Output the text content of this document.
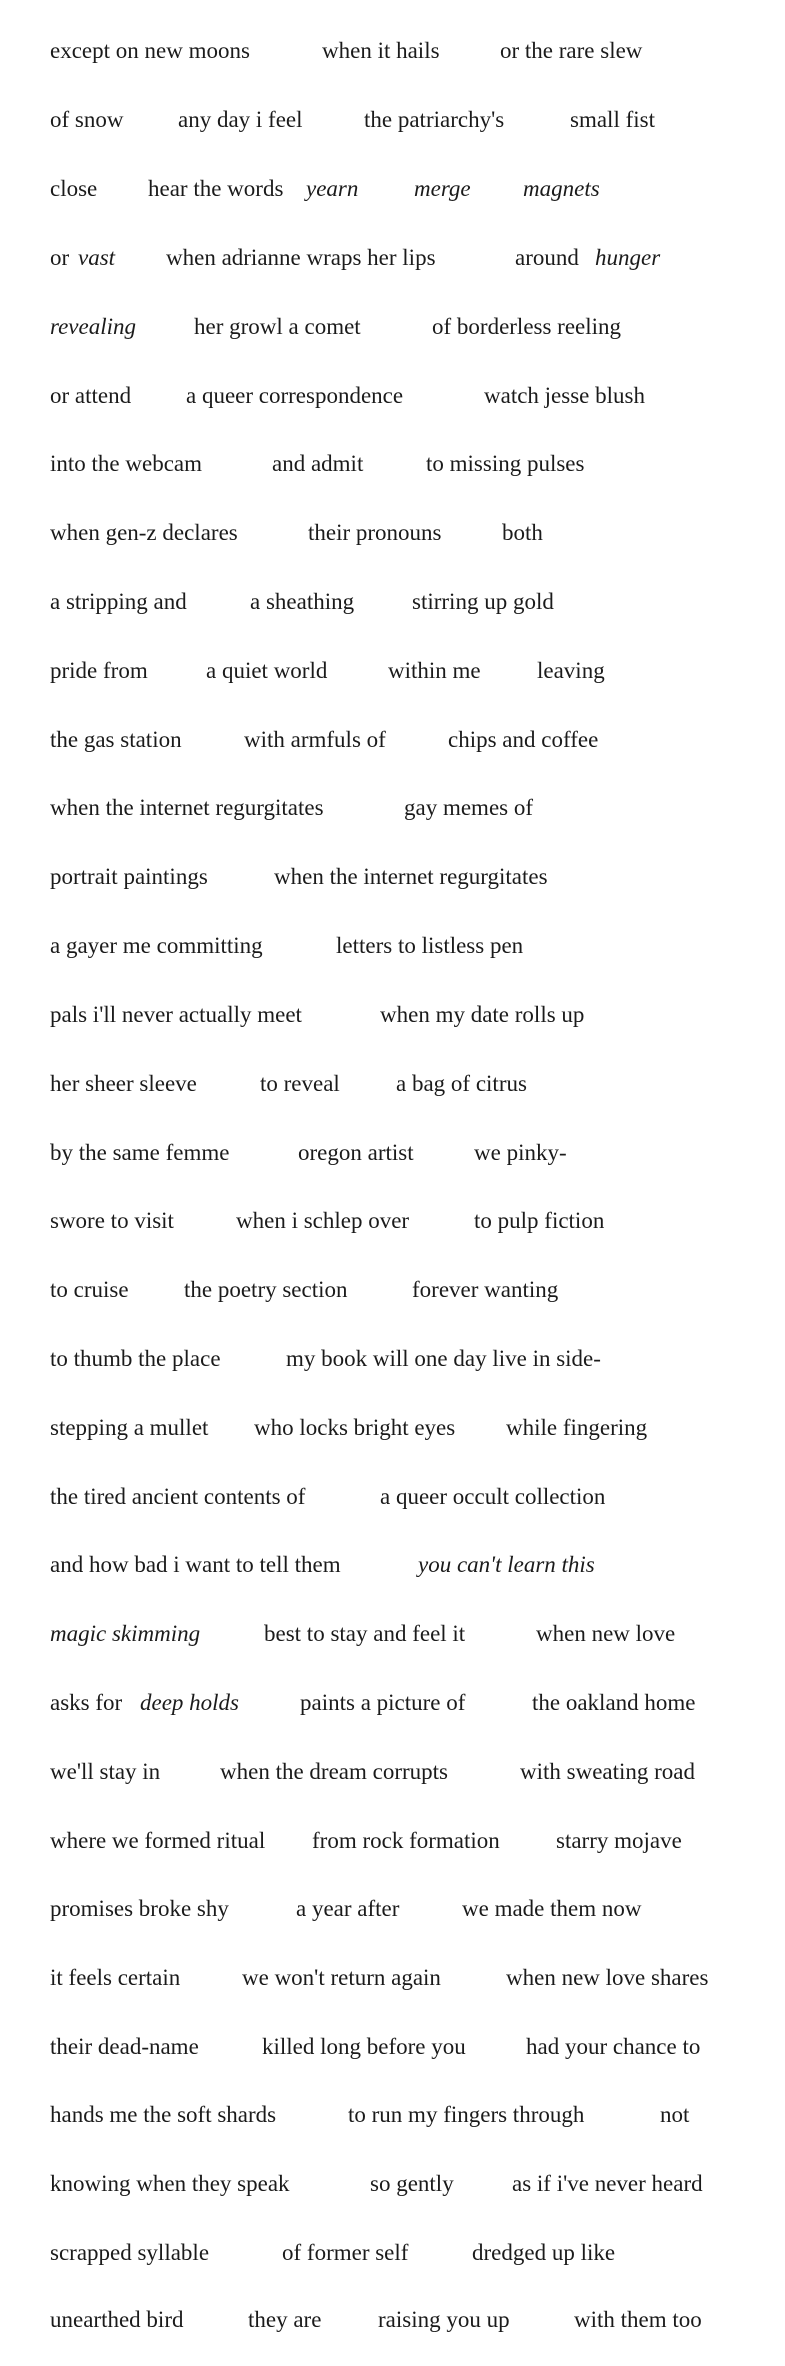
except on new moons	when it hails	or the rare slew
of snow any day i feel	the patriarchy's	small fist
close hear the words yearn merge magnets
or vast when adrianne wraps her lips	around hunger
revealing	her growl a comet	of borderless reeling
or attend a queer correspondence	watch jesse blush
into the webcam	and admit	to missing pulses
when gen-z declares	their pronouns	both
a stripping and	a sheathing	stirring up gold
pride from	a quiet world	within me leaving
the gas station	with armfuls of	chips and coffee
when the internet regurgitates	gay memes of
portrait paintings	when the internet regurgitates
a gayer me committing	letters to listless pen
pals i'll never actually meet	when my date rolls up
her sheer sleeve	to reveal a bag of citrus
by the same femme	oregon artist	we pinky-
swore to visit	when i schlep over	to pulp fiction
to cruise the poetry section	forever wanting
to thumb the place	my book will one day live in side-
stepping a mullet who locks bright eyes while fingering
the tired ancient contents of	a queer occult collection
and how bad i want to tell them	you can't learn this
magic skimming	best to stay and feel it	when new love
asks for deep holds	paints a picture of	the oakland home
we'll stay in	when the dream corrupts	with sweating road
where we formed ritual from rock formation starry mojave
promises broke shy	a year after	we made them now
it feels certain	we won't return again	when new love shares
their dead-name	killed long before you	had your chance to
hands me the soft shards	to run my fingers through	not
knowing when they speak	so gently	as if i've never heard
scrapped syllable	of former self	dredged up like
unearthed bird	they are raising you up	with them too
